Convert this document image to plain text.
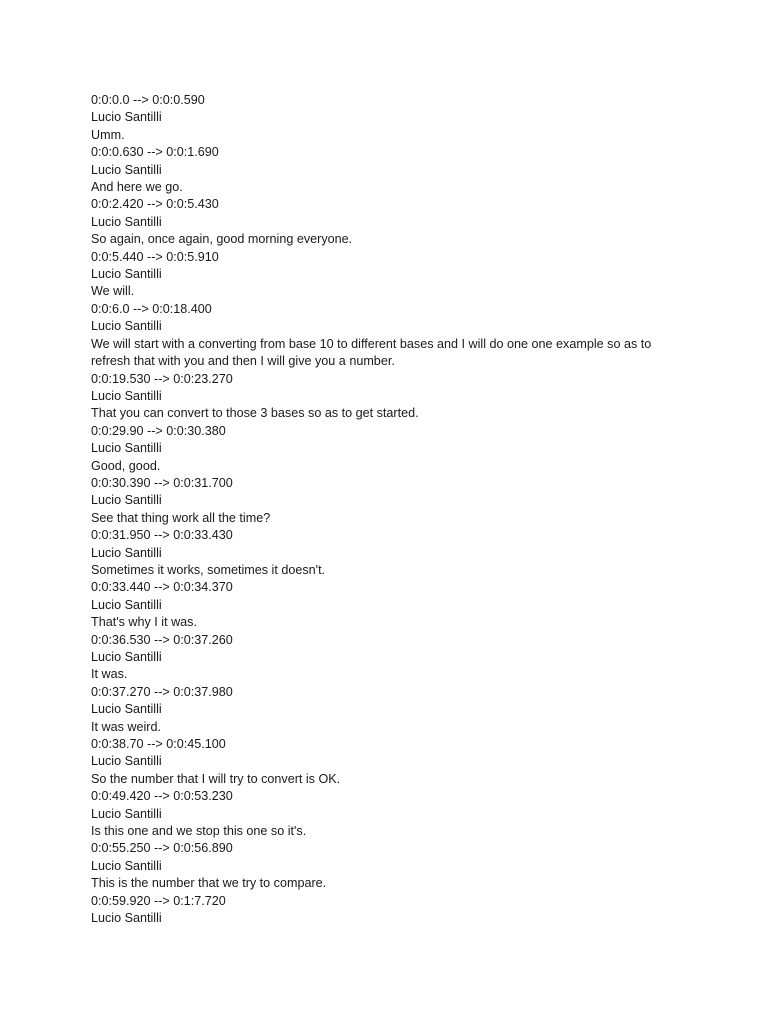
0:0:0.0 --> 0:0:0.590
Lucio Santilli
Umm.
0:0:0.630 --> 0:0:1.690
Lucio Santilli
And here we go.
0:0:2.420 --> 0:0:5.430
Lucio Santilli
So again, once again, good morning everyone.
0:0:5.440 --> 0:0:5.910
Lucio Santilli
We will.
0:0:6.0 --> 0:0:18.400
Lucio Santilli
We will start with a converting from base 10 to different bases and I will do one one example so as to refresh that with you and then I will give you a number.
0:0:19.530 --> 0:0:23.270
Lucio Santilli
That you can convert to those 3 bases so as to get started.
0:0:29.90 --> 0:0:30.380
Lucio Santilli
Good, good.
0:0:30.390 --> 0:0:31.700
Lucio Santilli
See that thing work all the time?
0:0:31.950 --> 0:0:33.430
Lucio Santilli
Sometimes it works, sometimes it doesn't.
0:0:33.440 --> 0:0:34.370
Lucio Santilli
That's why I it was.
0:0:36.530 --> 0:0:37.260
Lucio Santilli
It was.
0:0:37.270 --> 0:0:37.980
Lucio Santilli
It was weird.
0:0:38.70 --> 0:0:45.100
Lucio Santilli
So the number that I will try to convert is OK.
0:0:49.420 --> 0:0:53.230
Lucio Santilli
Is this one and we stop this one so it's.
0:0:55.250 --> 0:0:56.890
Lucio Santilli
This is the number that we try to compare.
0:0:59.920 --> 0:1:7.720
Lucio Santilli
